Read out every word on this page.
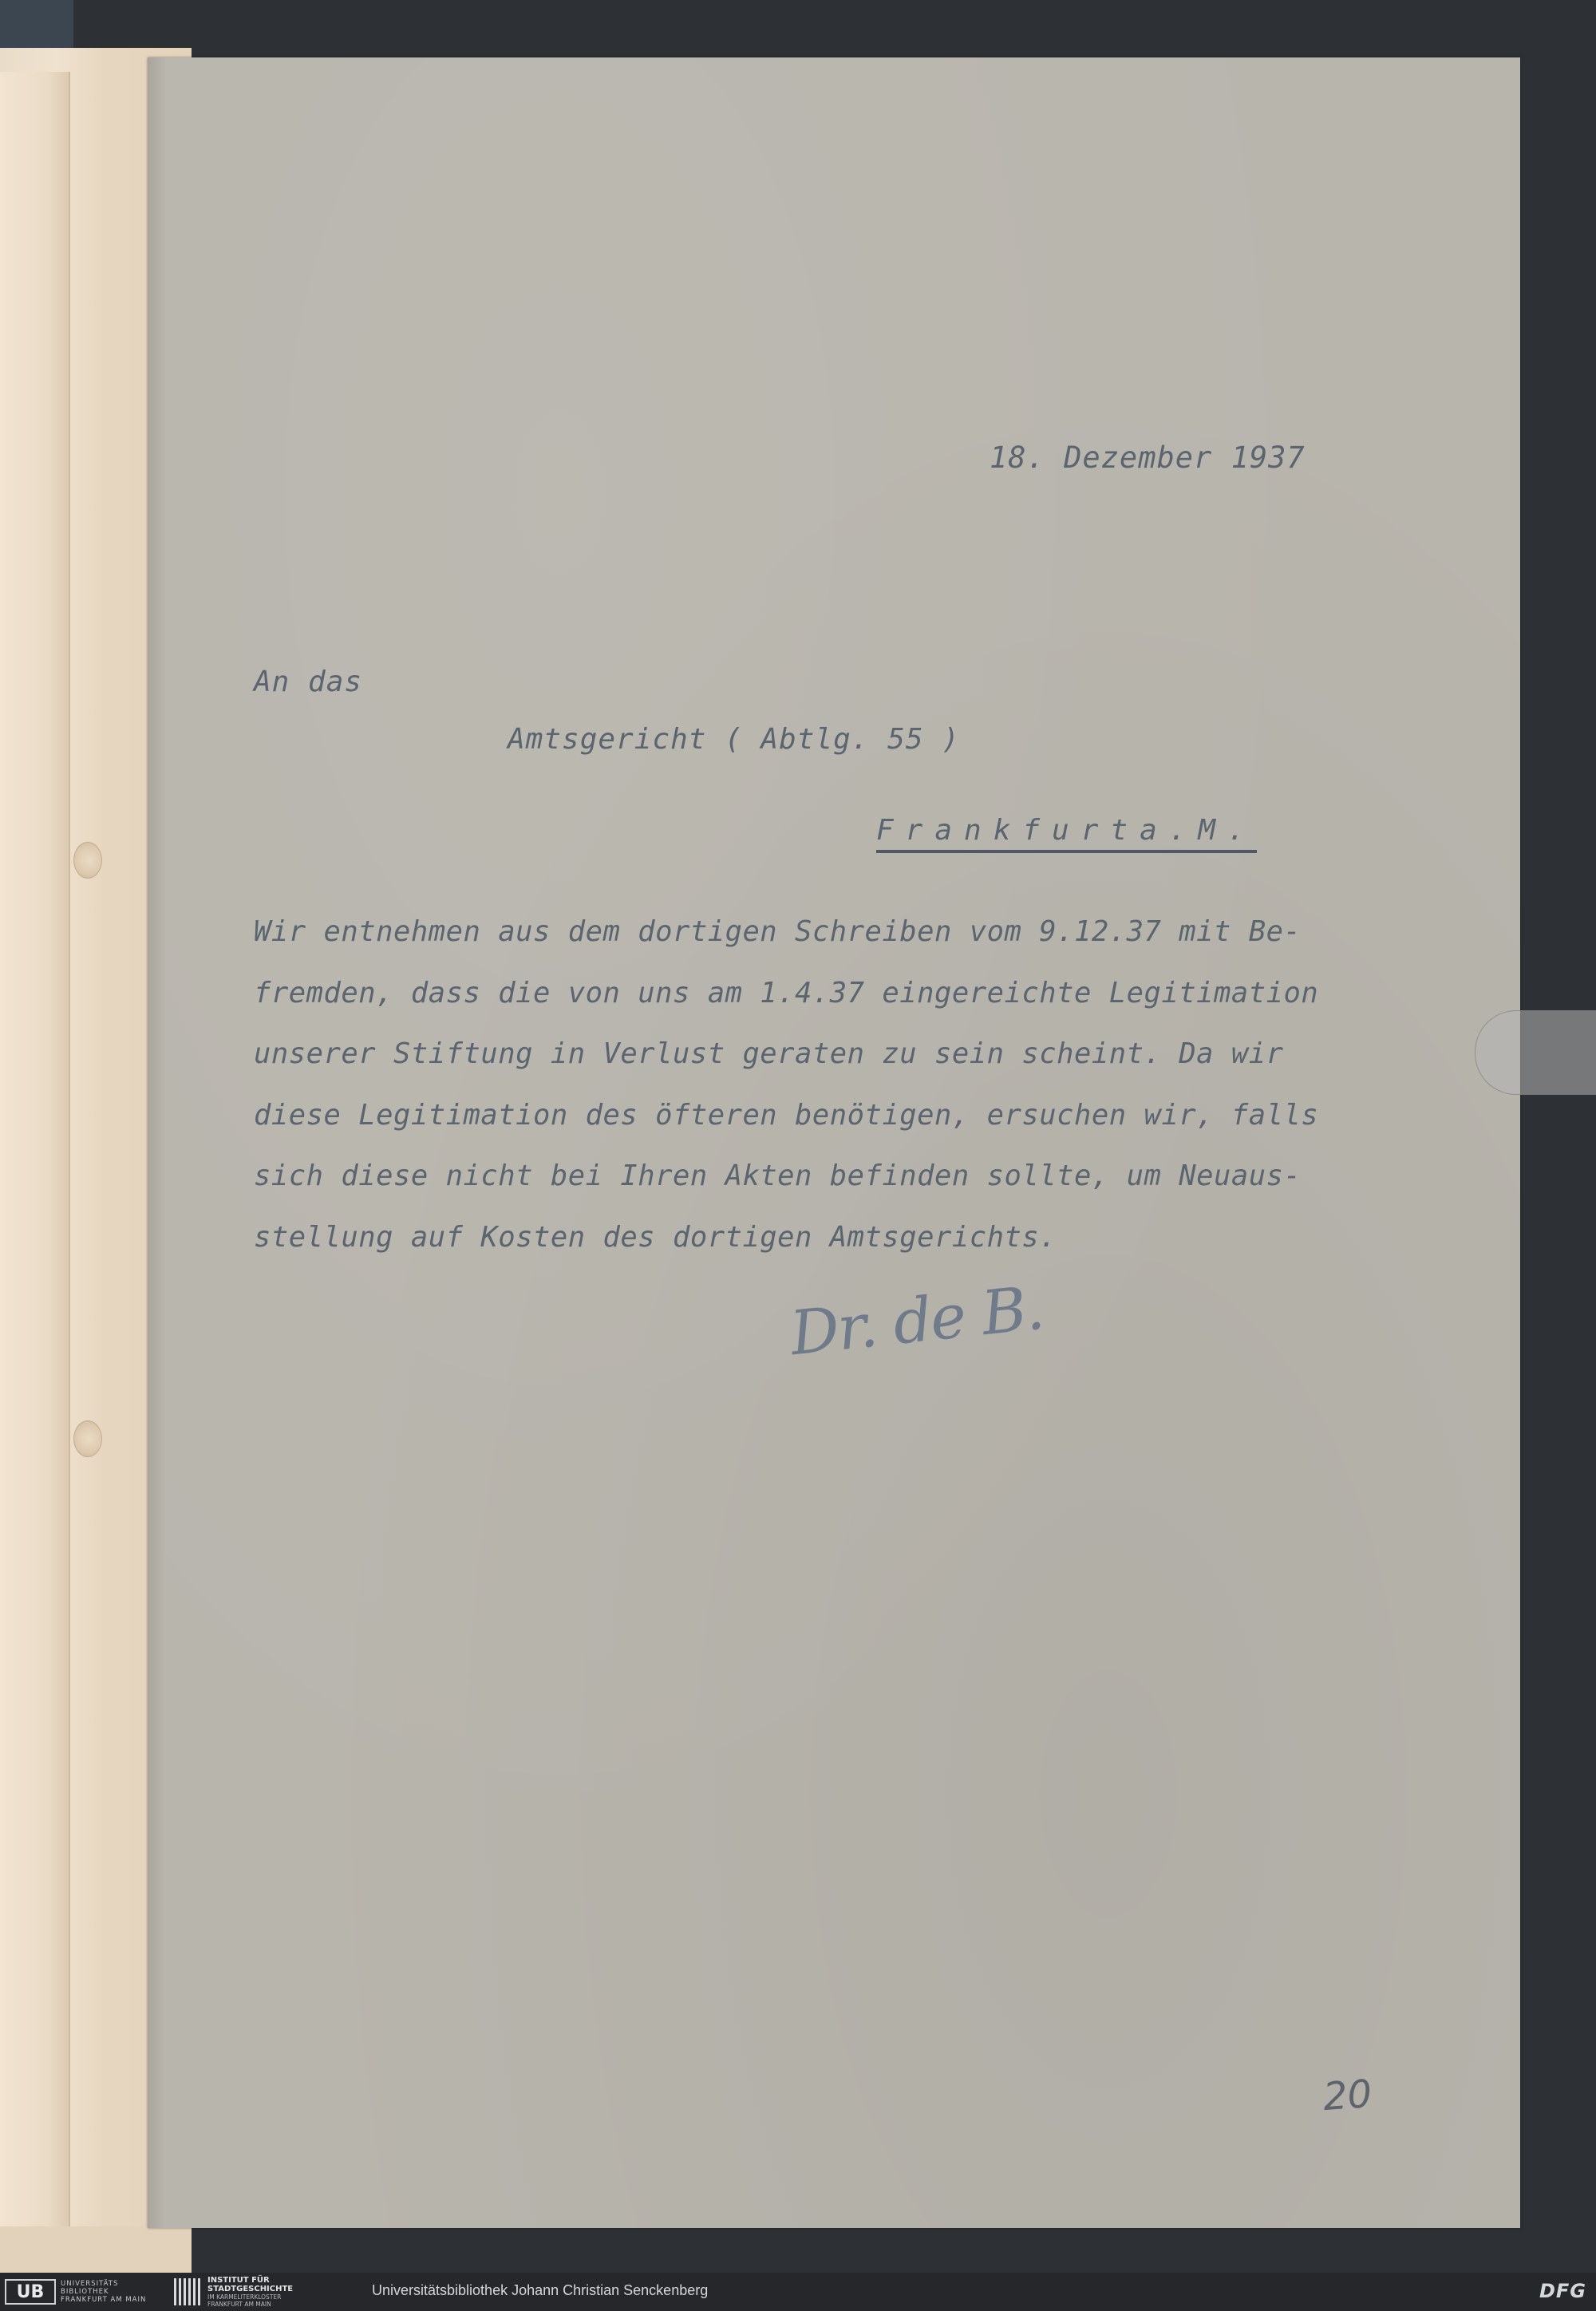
18. Dezember 1937
An das
Amtsgericht ( Abtlg. 55 )
Frankfurta.M.
Wir entnehmen aus dem dortigen Schreiben vom 9.12.37 mit Be-
fremden, dass die von uns am 1.4.37 eingereichte Legitimation
unserer Stiftung in Verlust geraten zu sein scheint. Da wir
diese Legitimation des öfteren benötigen, ersuchen wir, falls
sich diese nicht bei Ihren Akten befinden sollte, um Neuaus-
stellung auf Kosten des dortigen Amtsgerichts.
Dr. de B.
20
UB	UNIVERSITÄTS
BIBLIOTHEK
FRANKFURT AM MAIN
INSTITUT FÜR
STADTGESCHICHTE
IM KARMELITERKLOSTER
FRANKFURT AM MAIN
Universitätsbibliothek Johann Christian Senckenberg	DFG
